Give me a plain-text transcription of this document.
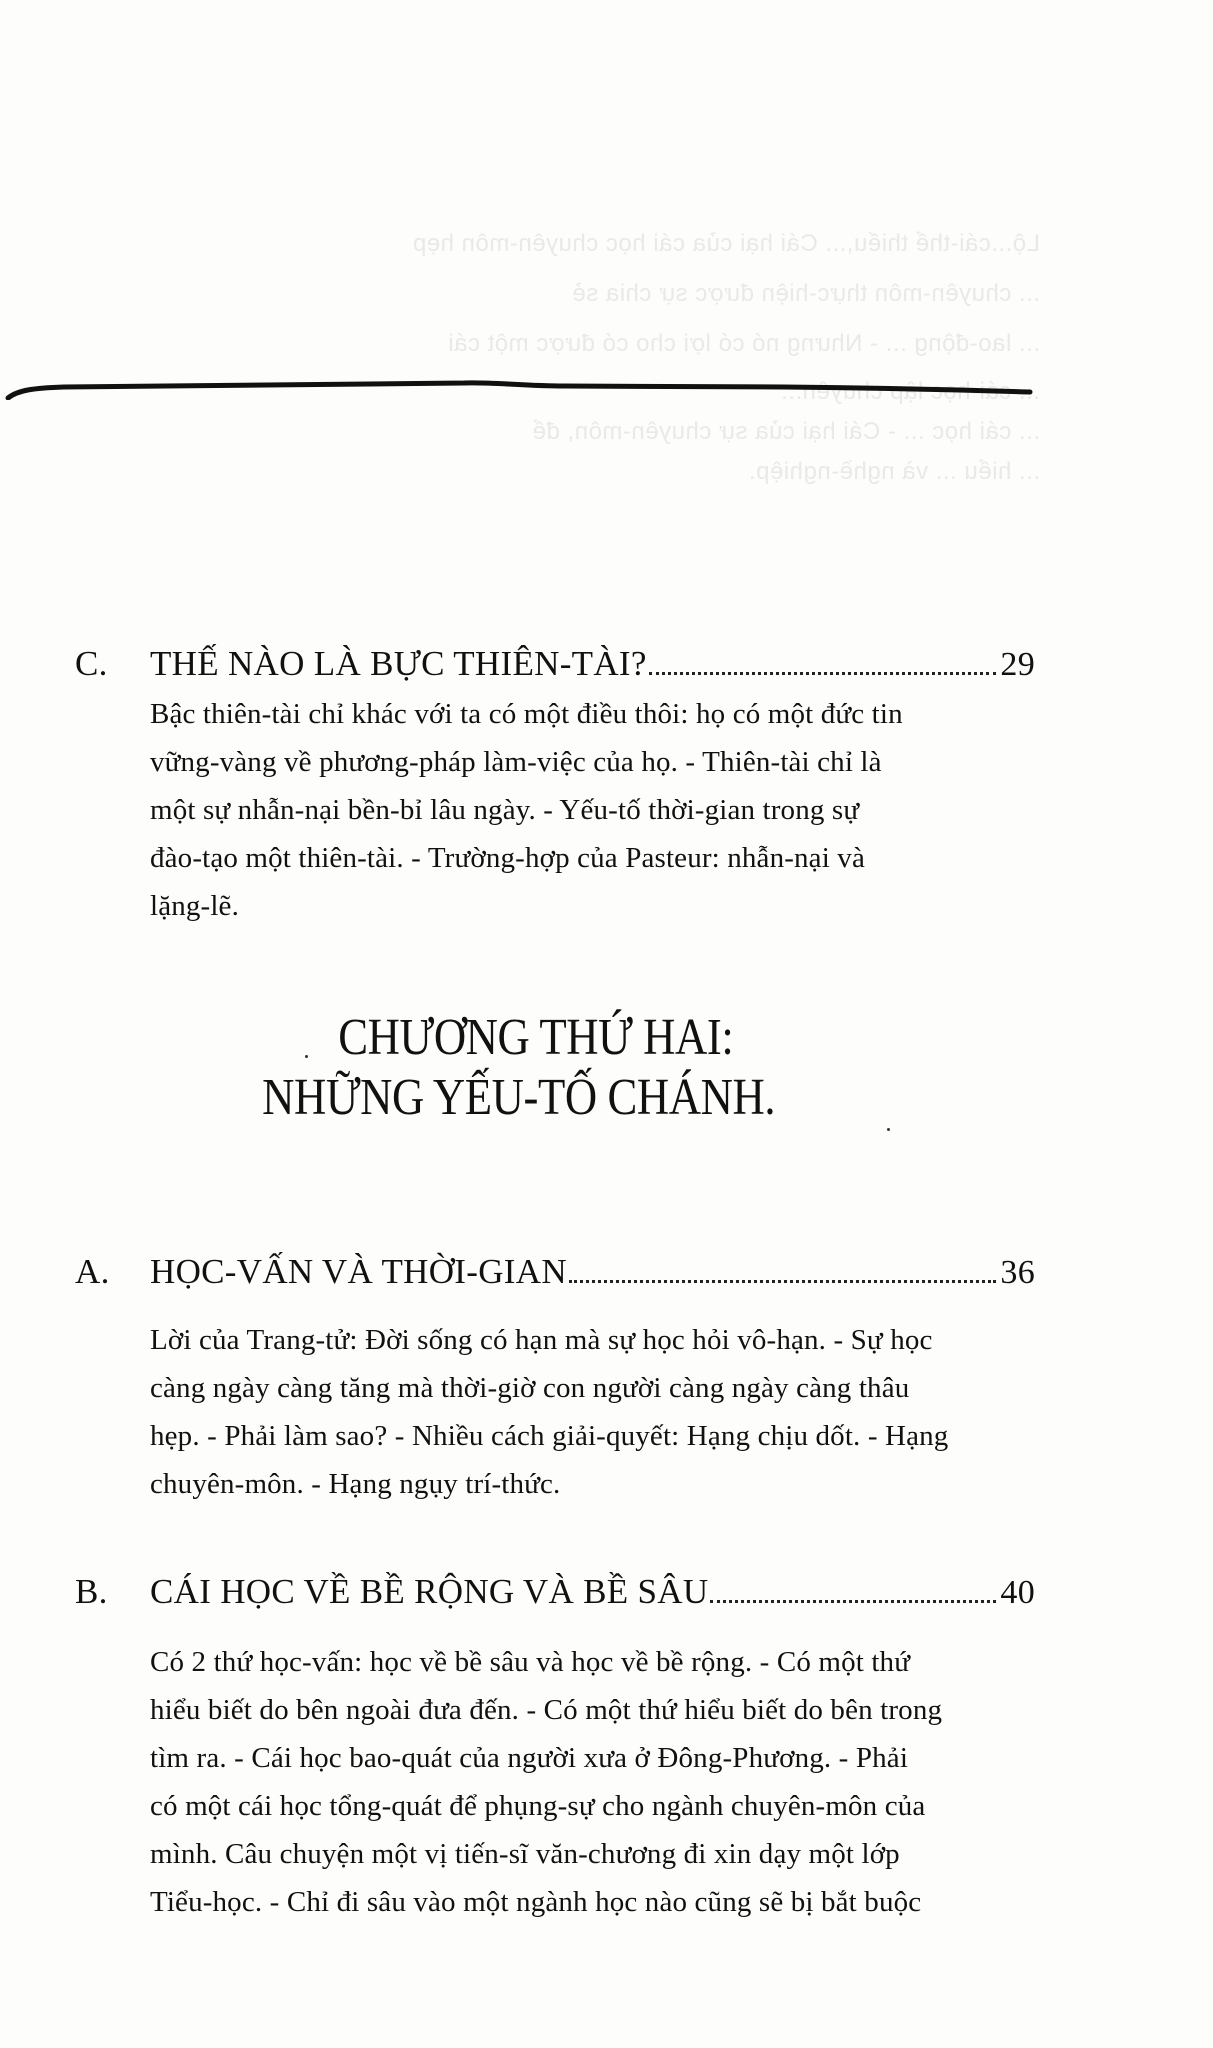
Lộ...cái-thể thiếu,... Cái hại của cái học chuyên-môn hẹp
... chuyên-môn thực-hiện được sự chia sẻ
... lao-động ... - Nhưng nó có lợi cho có được một cái
... cái-học lập chuyên...
... cái học ... - Cái hại của sự chuyên-môn, để
... hiểu ... và nghề-nghiệp.
C.	THẾ NÀO LÀ BỰC THIÊN-TÀI?	29
Bậc thiên-tài chỉ khác với ta có một điều thôi: họ có một đức tin
vững-vàng về phương-pháp làm-việc của họ. - Thiên-tài chỉ là
một sự nhẫn-nại bền-bỉ lâu ngày. - Yếu-tố thời-gian trong sự
đào-tạo một thiên-tài. - Trường-hợp của Pasteur: nhẫn-nại và
lặng-lẽ.
CHƯƠNG THỨ HAI:
NHỮNG YẾU-TỐ CHÁNH.
A.	HỌC-VẤN VÀ THỜI-GIAN	36
Lời của Trang-tử: Đời sống có hạn mà sự học hỏi vô-hạn. - Sự học
càng ngày càng tăng mà thời-giờ con người càng ngày càng thâu
hẹp. - Phải làm sao? - Nhiều cách giải-quyết: Hạng chịu dốt. - Hạng
chuyên-môn. - Hạng ngụy trí-thức.
B.	CÁI HỌC VỀ BỀ RỘNG VÀ BỀ SÂU	40
Có 2 thứ học-vấn: học về bề sâu và học về bề rộng. - Có một thứ
hiểu biết do bên ngoài đưa đến. - Có một thứ hiểu biết do bên trong
tìm ra. - Cái học bao-quát của người xưa ở Đông-Phương. - Phải
có một cái học tổng-quát để phụng-sự cho ngành chuyên-môn của
mình. Câu chuyện một vị tiến-sĩ văn-chương đi xin dạy một lớp
Tiểu-học. - Chỉ đi sâu vào một ngành học nào cũng sẽ bị bắt buộc
